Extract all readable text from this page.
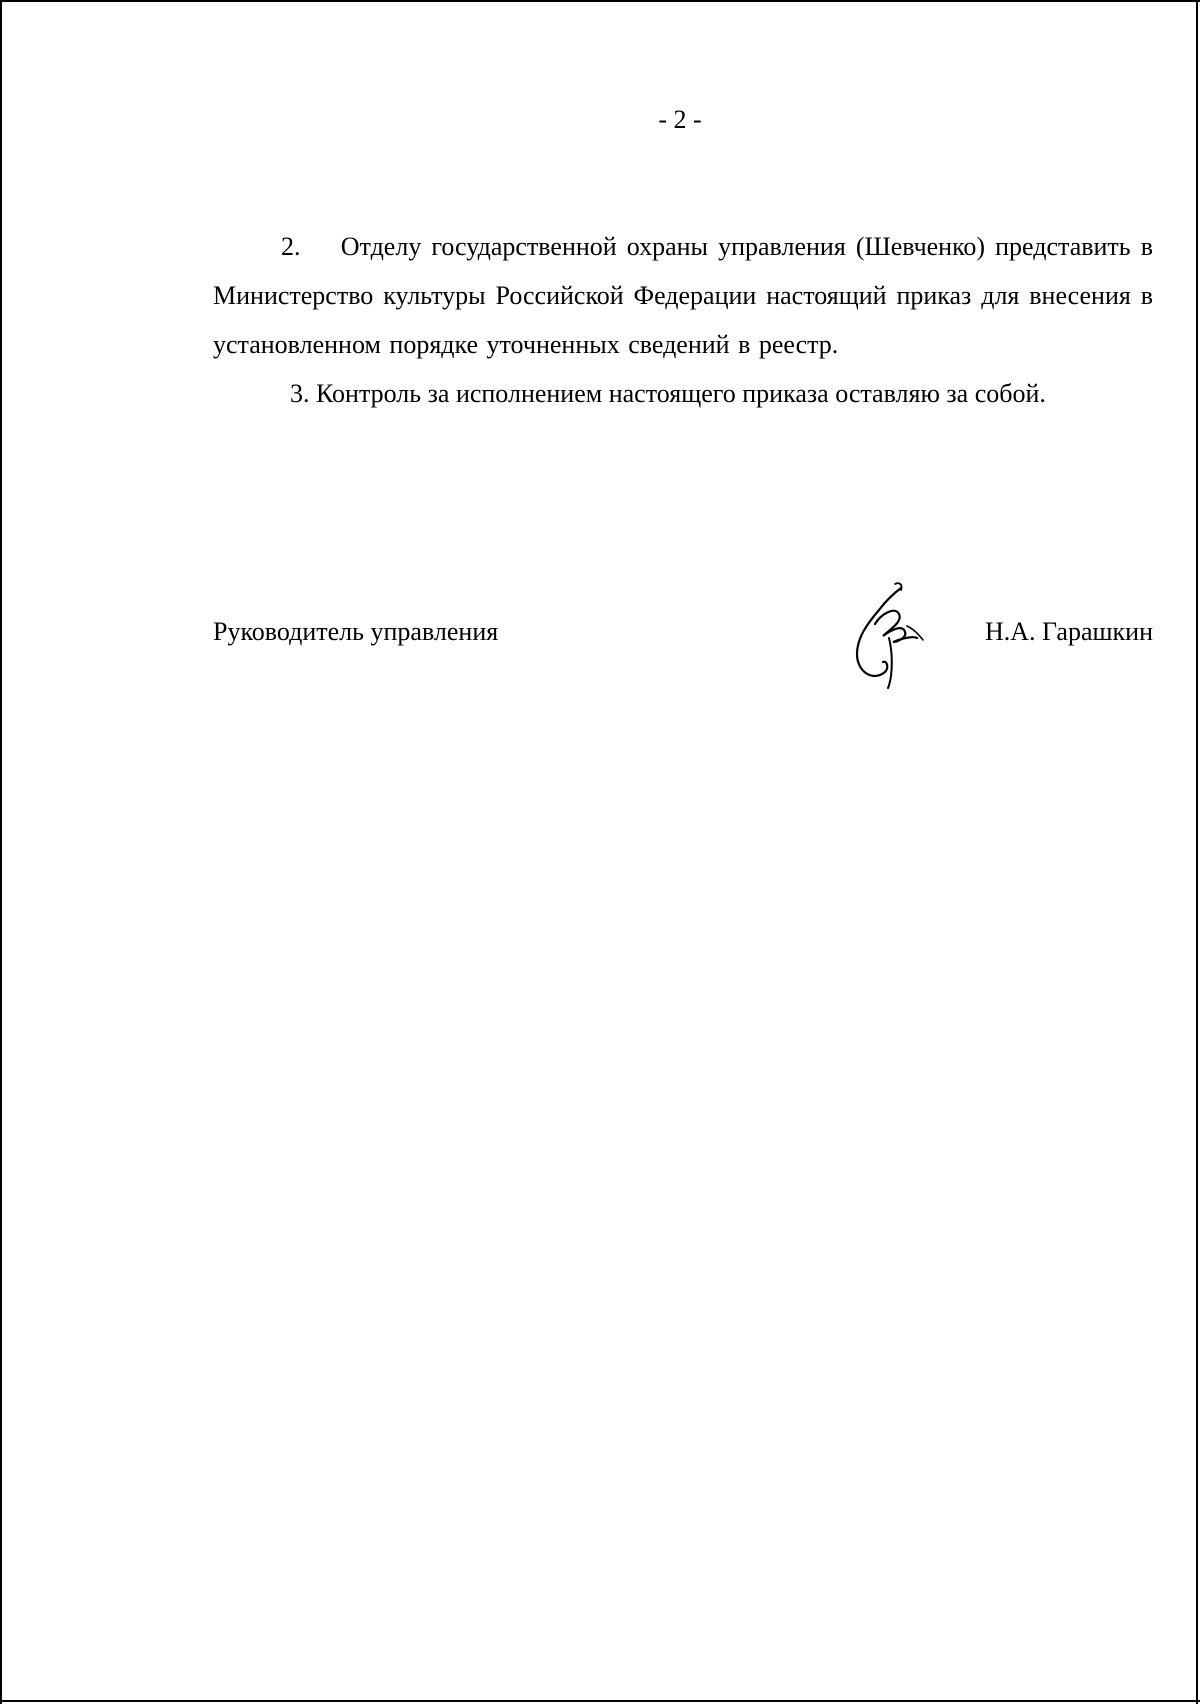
- 2 -

2.    Отделу государственной охраны управления (Шевченко) представить в Министерство культуры Российской Федерации настоящий приказ для внесения в установленном порядке уточненных сведений в реестр.

3. Контроль за исполнением настоящего приказа оставляю за собой.

Руководитель управления	Н.А. Гарашкин
